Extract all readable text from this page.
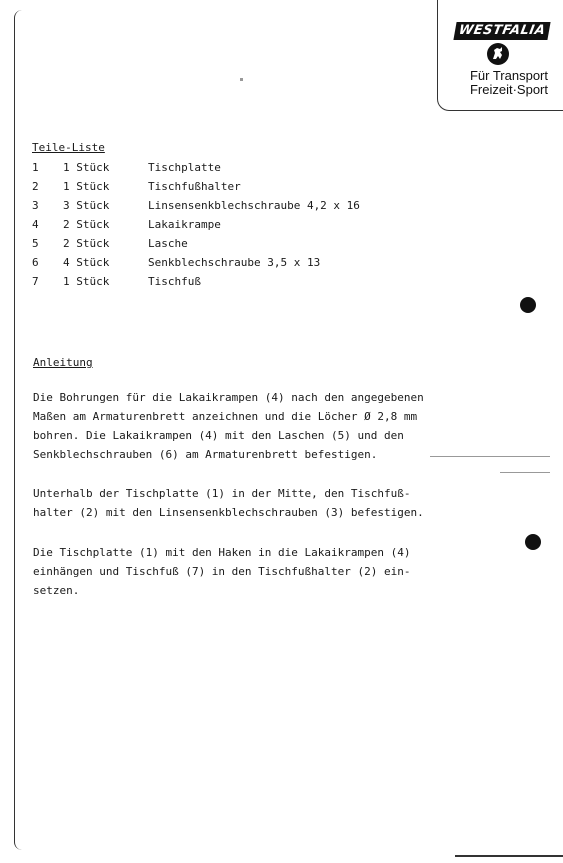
WESTFALIA
Für Transport
Freizeit·Sport
Teile-Liste
1 1 Stück	Tischplatte
2 1 Stück	Tischfußhalter
3 3 Stück	Linsensenkblechschraube 4,2 x 16
4 2 Stück	Lakaikrampe
5 2 Stück	Lasche
6 4 Stück	Senkblechschraube 3,5 x 13
7 1 Stück	Tischfuß
Anleitung
Die Bohrungen für die Lakaikrampen (4) nach den angegebenen
Maßen am Armaturenbrett anzeichnen und die Löcher Ø 2,8 mm
bohren. Die Lakaikrampen (4) mit den Laschen (5) und den
Senkblechschrauben (6) am Armaturenbrett befestigen.
Unterhalb der Tischplatte (1) in der Mitte, den Tischfuß-
halter (2) mit den Linsensenkblechschrauben (3) befestigen.
Die Tischplatte (1) mit den Haken in die Lakaikrampen (4)
einhängen und Tischfuß (7) in den Tischfußhalter (2) ein-
setzen.
